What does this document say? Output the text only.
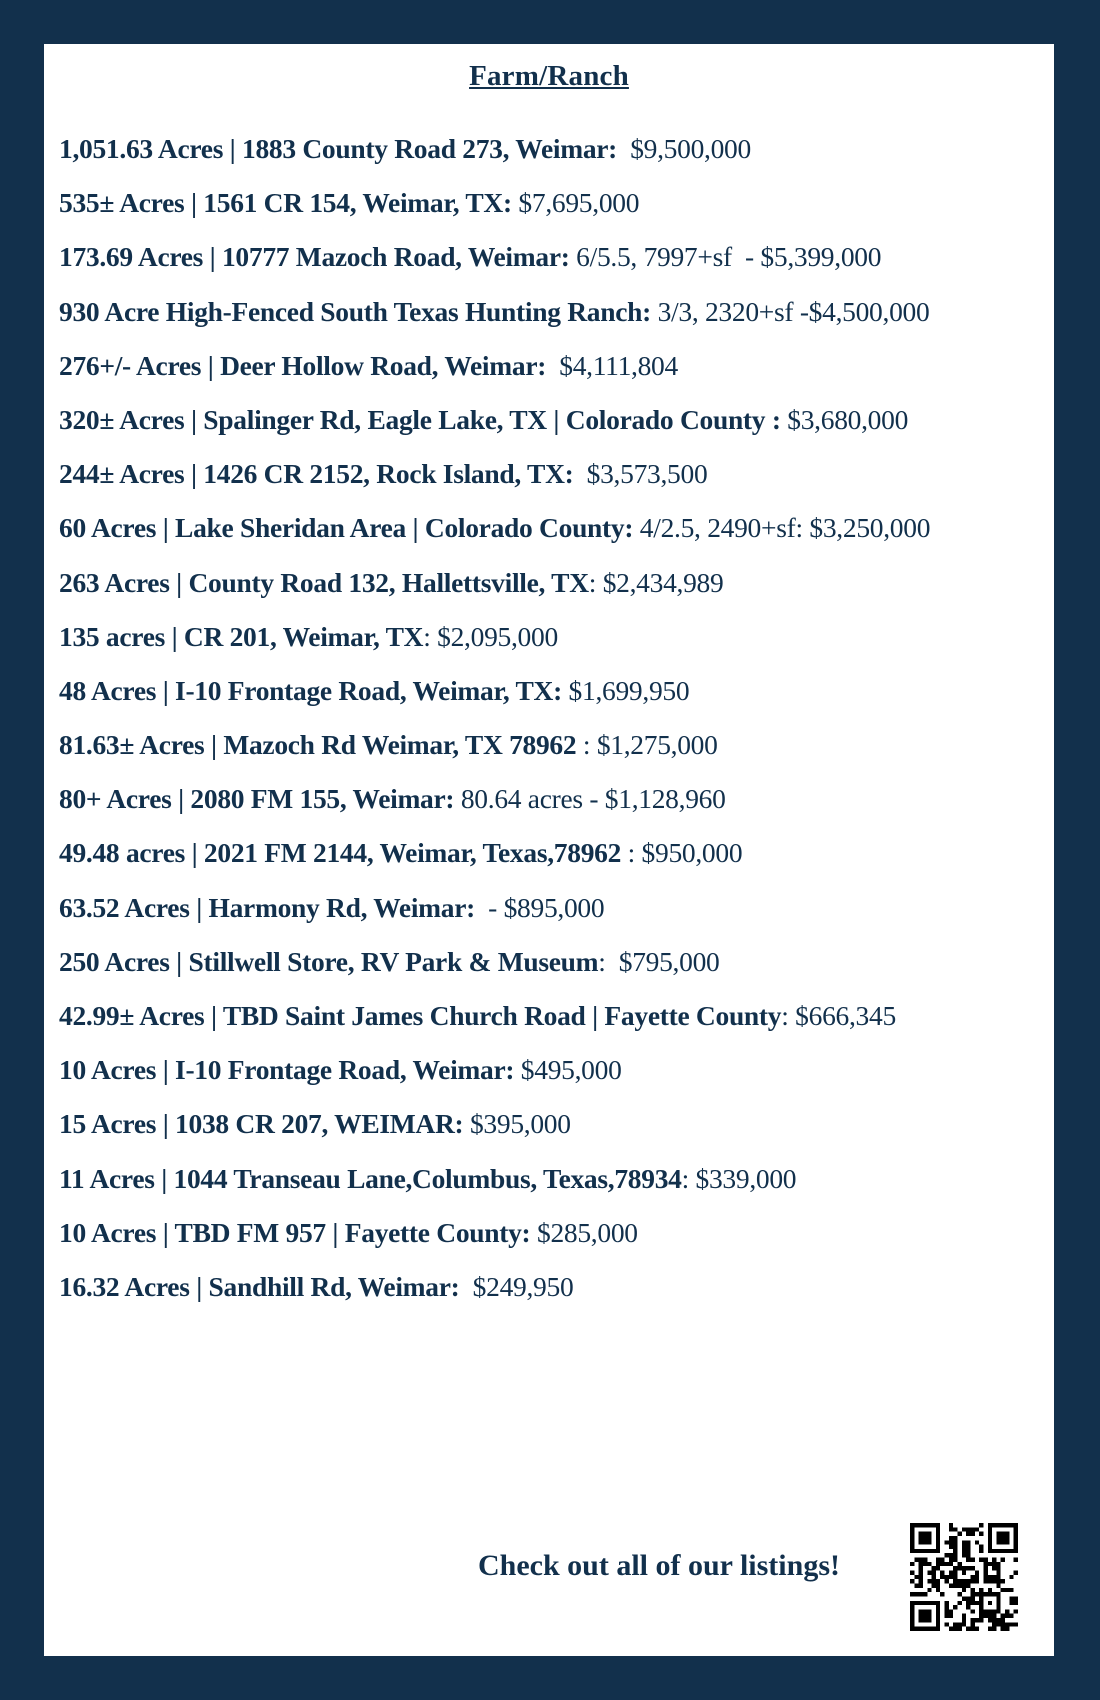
Farm/Ranch
1,051.63 Acres | 1883 County Road 273, Weimar:  $9,500,000
535± Acres | 1561 CR 154, Weimar, TX: $7,695,000
173.69 Acres | 10777 Mazoch Road, Weimar: 6/5.5, 7997+sf  - $5,399,000
930 Acre High-Fenced South Texas Hunting Ranch: 3/3, 2320+sf -$4,500,000
276+/- Acres | Deer Hollow Road, Weimar:  $4,111,804
320± Acres | Spalinger Rd, Eagle Lake, TX | Colorado County : $3,680,000
244± Acres | 1426 CR 2152, Rock Island, TX:  $3,573,500
60 Acres | Lake Sheridan Area | Colorado County: 4/2.5, 2490+sf: $3,250,000
263 Acres | County Road 132, Hallettsville, TX: $2,434,989
135 acres | CR 201, Weimar, TX: $2,095,000
48 Acres | I-10 Frontage Road, Weimar, TX: $1,699,950
81.63± Acres | Mazoch Rd Weimar, TX 78962 : $1,275,000
80+ Acres | 2080 FM 155, Weimar: 80.64 acres - $1,128,960
49.48 acres | 2021 FM 2144, Weimar, Texas,78962 : $950,000
63.52 Acres | Harmony Rd, Weimar:  - $895,000
250 Acres | Stillwell Store, RV Park & Museum:  $795,000
42.99± Acres | TBD Saint James Church Road | Fayette County: $666,345
10 Acres | I-10 Frontage Road, Weimar: $495,000
15 Acres | 1038 CR 207, WEIMAR: $395,000
11 Acres | 1044 Transeau Lane,Columbus, Texas,78934: $339,000
10 Acres | TBD FM 957 | Fayette County: $285,000
16.32 Acres | Sandhill Rd, Weimar:  $249,950
Check out all of our listings!
